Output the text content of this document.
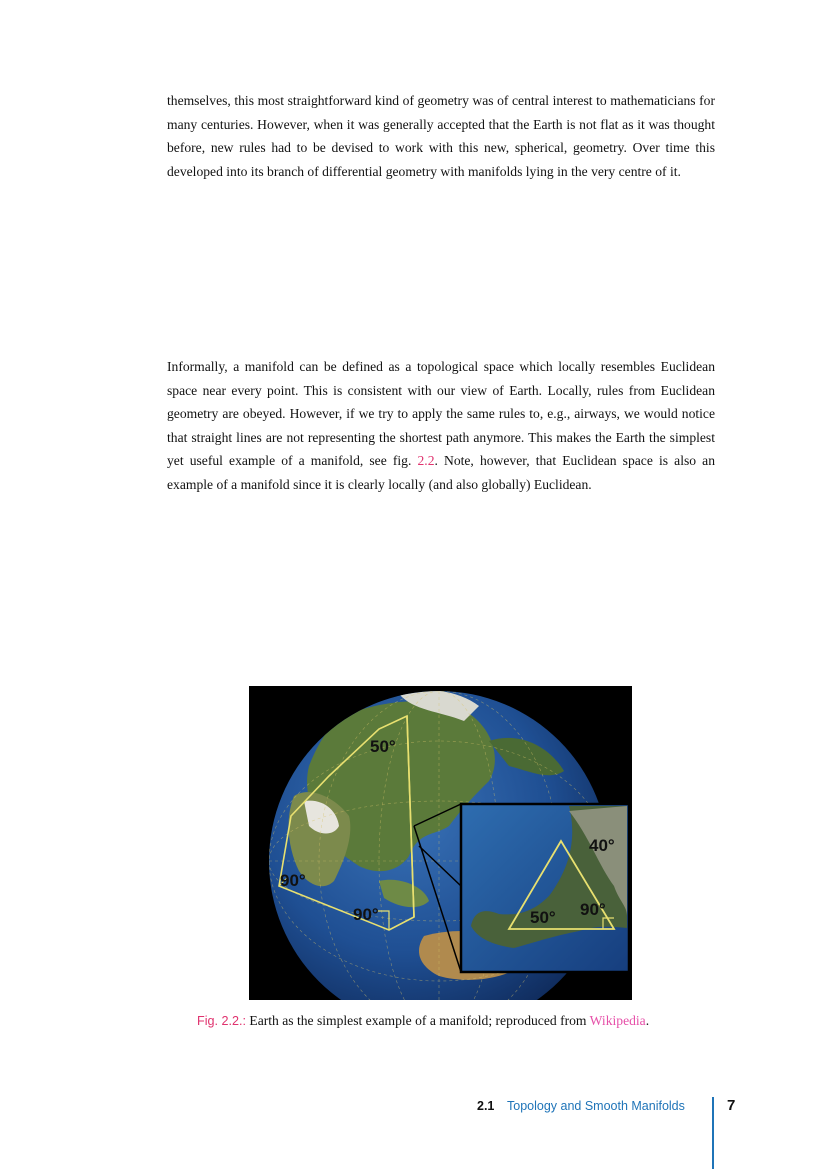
themselves, this most straightforward kind of geometry was of central interest to mathematicians for many centuries. However, when it was generally accepted that the Earth is not flat as it was thought before, new rules had to be devised to work with this new, spherical, geometry. Over time this developed into its branch of differential geometry with manifolds lying in the very centre of it.

Informally, a manifold can be defined as a topological space which locally resembles Euclidean space near every point. This is consistent with our view of Earth. Locally, rules from Euclidean geometry are obeyed. However, if we try to apply the same rules to, e.g., airways, we would notice that straight lines are not representing the shortest path anymore. This makes the Earth the simplest yet useful example of a manifold, see fig. 2.2. Note, however, that Euclidean space is also an example of a manifold since it is clearly locally (and also globally) Euclidean.

50°
90°
90°
40°
50° 90°
Fig. 2.2.: Earth as the simplest example of a manifold; reproduced from Wikipedia.
2.1 Topology and Smooth Manifolds	7
